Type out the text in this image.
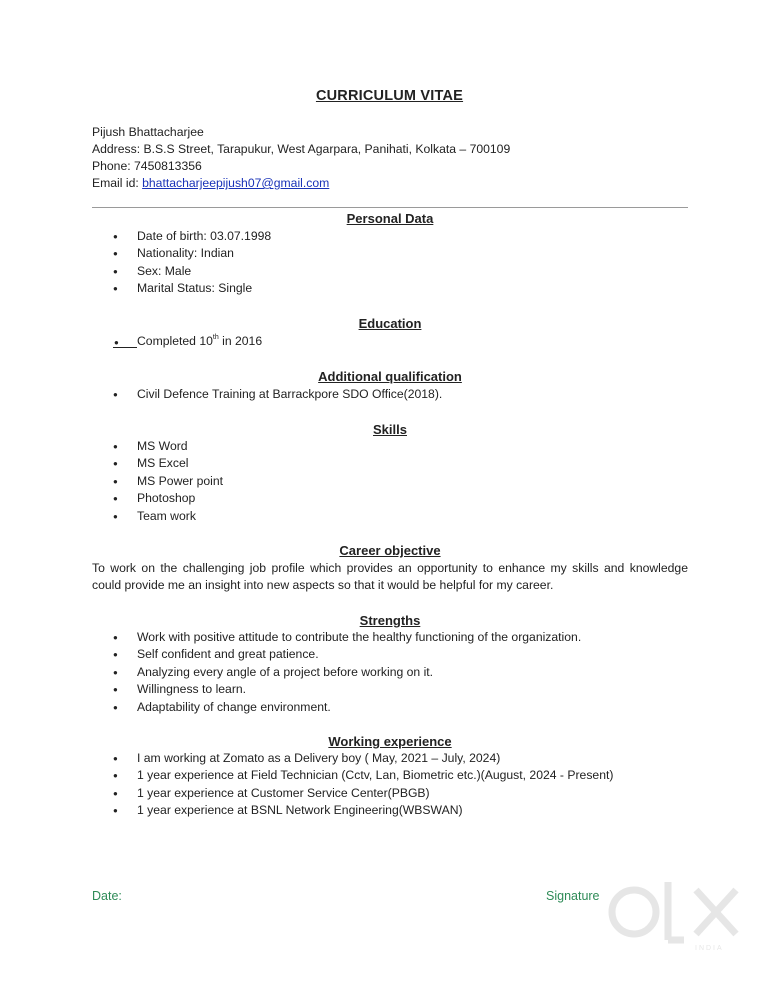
CURRICULUM VITAE
Pijush Bhattacharjee
Address: B.S.S Street, Tarapukur, West Agarpara, Panihati, Kolkata – 700109
Phone: 7450813356
Email id: bhattacharjeepijush07@gmail.com
Personal Data
● Date of birth: 03.07.1998
● Nationality: Indian
● Sex: Male
● Marital Status: Single
Education
●
Completed 10th in 2016
Additional qualification
● Civil Defence Training at Barrackpore SDO Office(2018).
Skills
● MS Word
● MS Excel
● MS Power point
● Photoshop
● Team work
Career objective
To work on the challenging job profile which provides an opportunity to enhance my skills and knowledge could provide me an insight into new aspects so that it would be helpful for my career.
Strengths
● Work with positive attitude to contribute the healthy functioning of the organization.
● Self confident and great patience.
● Analyzing every angle of a project before working on it.
● Willingness to learn.
● Adaptability of change environment.
Working experience
● I am working at Zomato as a Delivery boy ( May, 2021 – July, 2024)
● 1 year experience at Field Technician (Cctv, Lan, Biometric etc.)(August, 2024 - Present)
● 1 year experience at Customer Service Center(PBGB)
● 1 year experience at BSNL Network Engineering(WBSWAN)
Date:	Signature
INDIA
